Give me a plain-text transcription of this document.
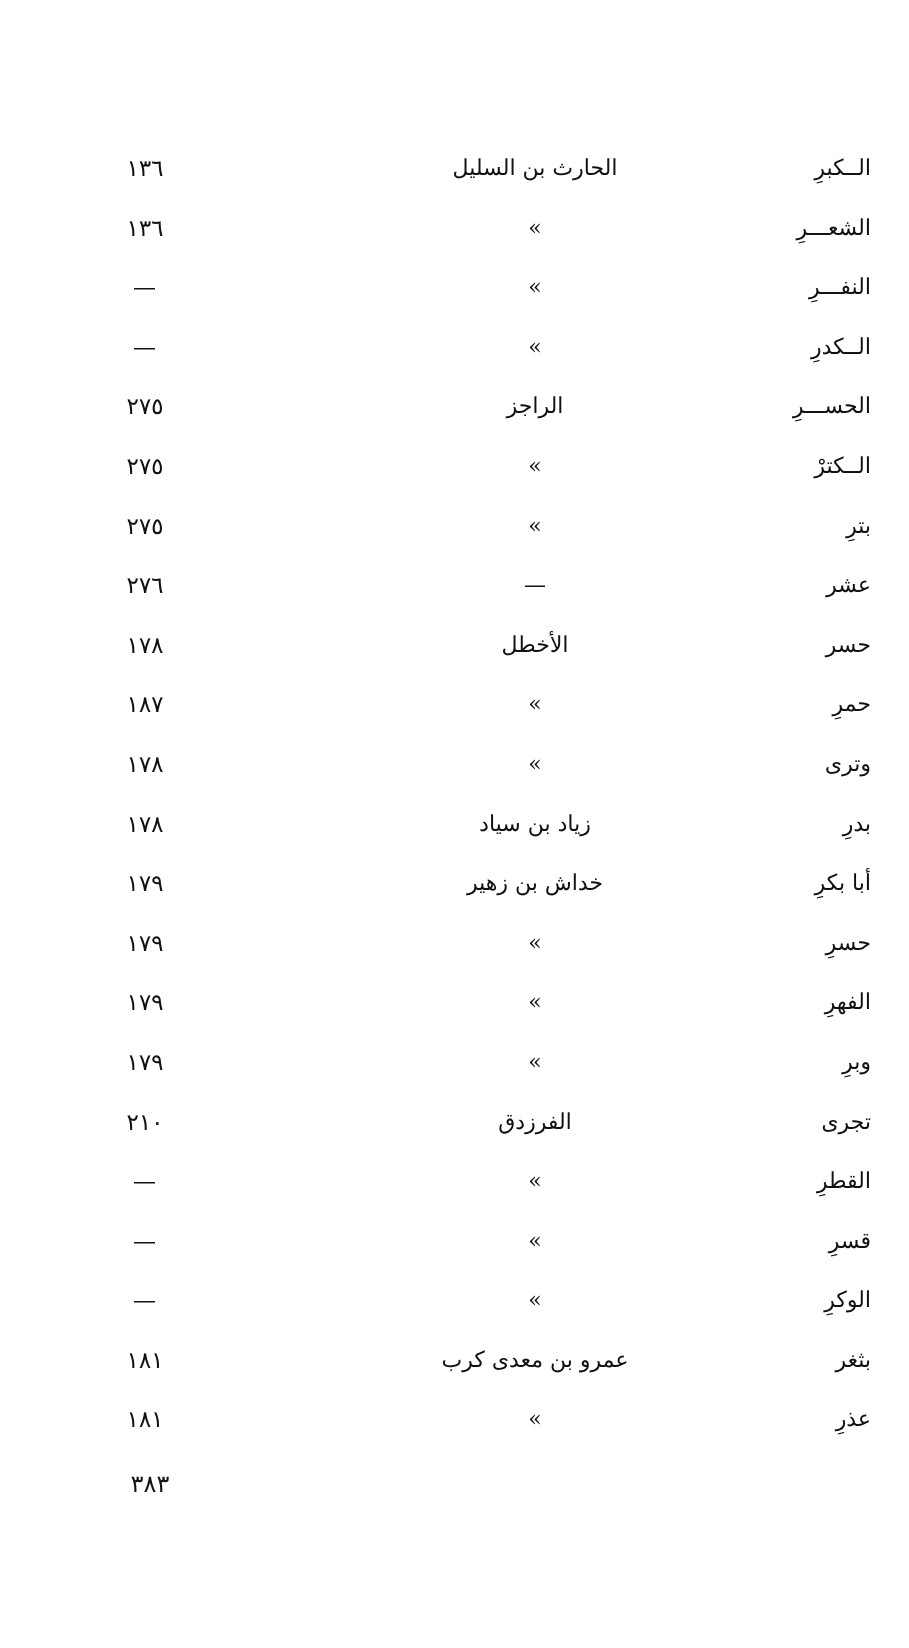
الــكبرِ
الحارث بن السليل
١٣٦
الشعـــرِ
»
١٣٦
النفـــرِ
»
—
الــكدرِ
»
—
الحســـرِ
الراجز
٢٧٥
الــكترْ
»
٢٧٥
بترِ
»
٢٧٥
عشر
—
٢٧٦
حسر
الأخطل
١٧٨
حمرِ
»
١٨٧
وترى
»
١٧٨
بدرِ
زياد بن سياد
١٧٨
أبا بكرِ
خداش بن زهير
١٧٩
حسرِ
»
١٧٩
الفهرِ
»
١٧٩
وبرِ
»
١٧٩
تجرى
الفرزدق
٢١٠
القطرِ
»
—
قسرِ
»
—
الوكرِ
»
—
بثغر
عمرو بن معدى كرب
١٨١
عذرِ
»
١٨١
٣٨٣
